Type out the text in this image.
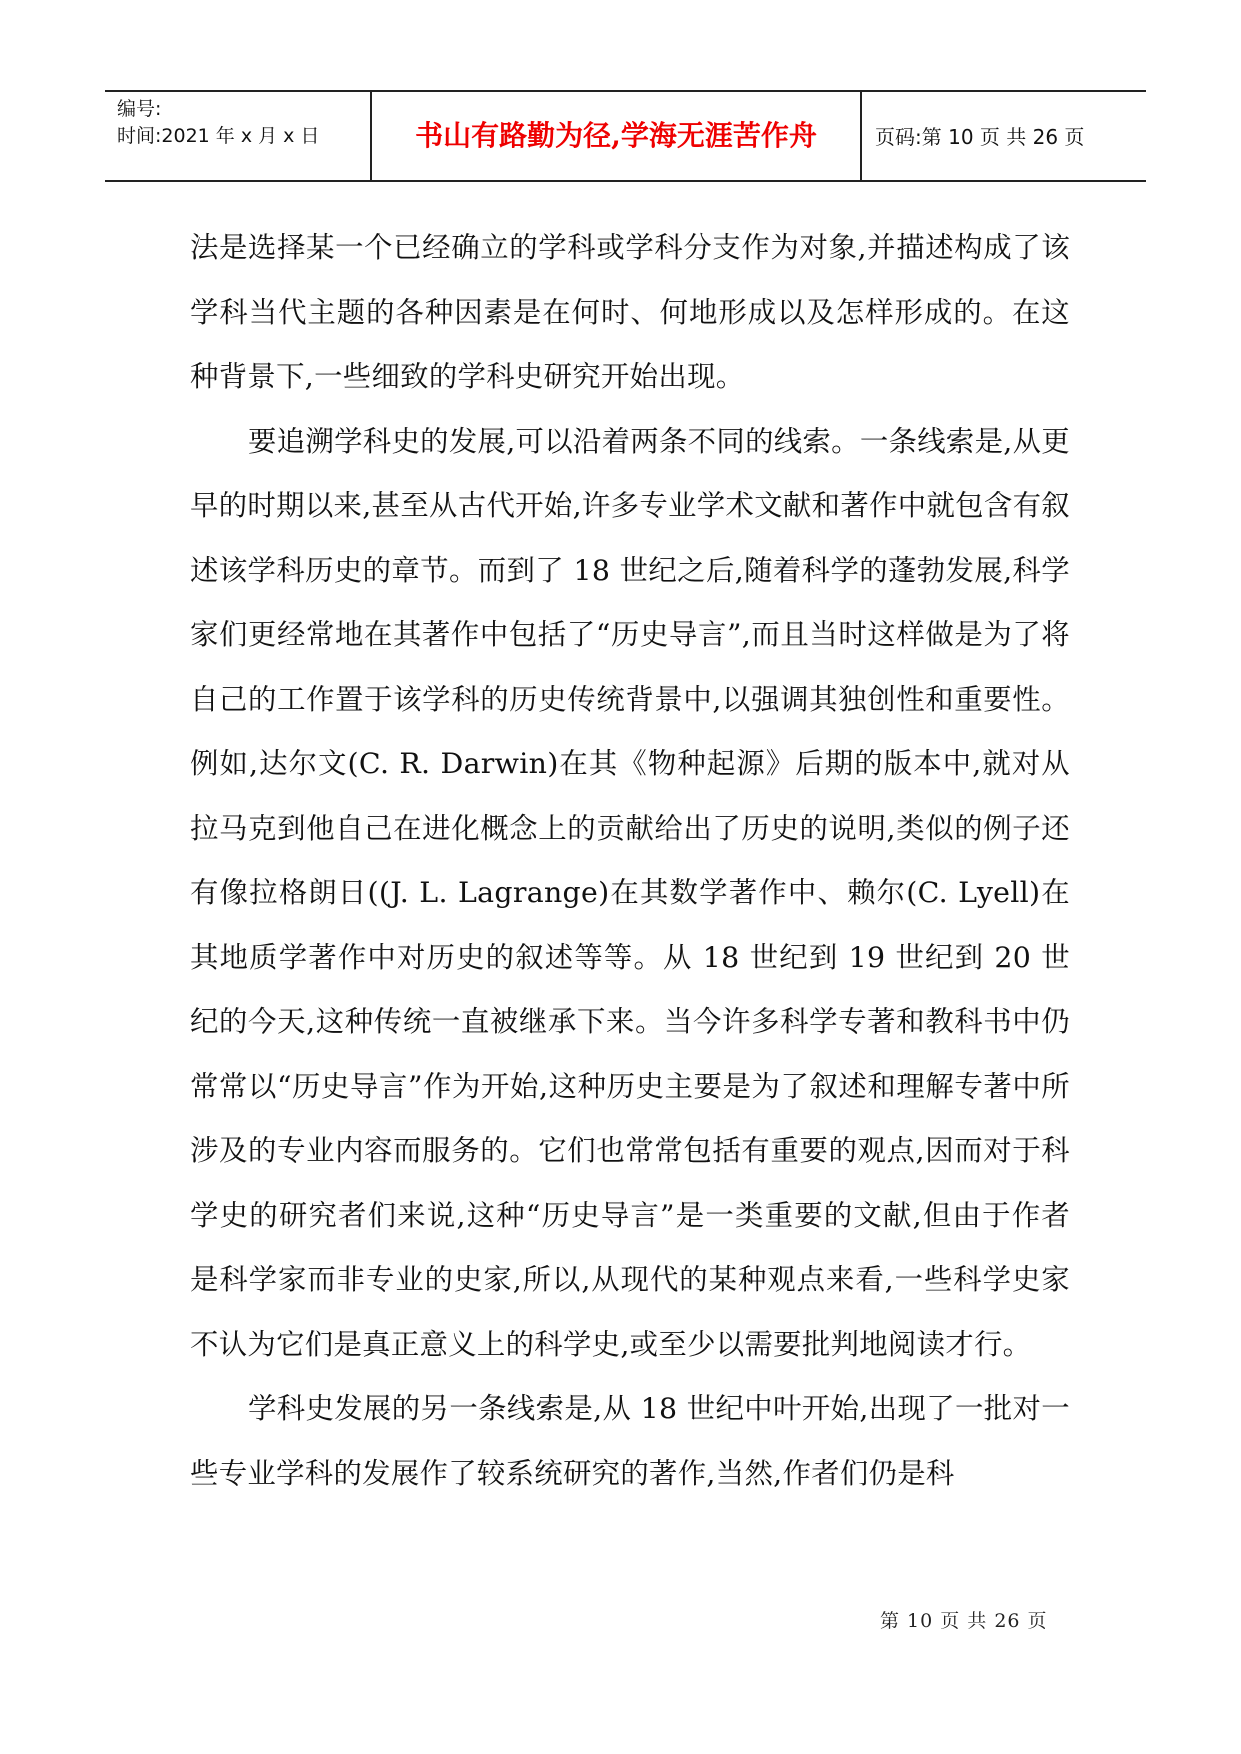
编号:
时间:2021 年 x 月 x 日	书山有路勤为径,学海无涯苦作舟	页码:第 10 页 共 26 页

法是选择某一个已经确立的学科或学科分支作为对象,并描述构成了该学科当代主题的各种因素是在何时、何地形成以及怎样形成的。在这种背景下,一些细致的学科史研究开始出现。

要追溯学科史的发展,可以沿着两条不同的线索。一条线索是,从更早的时期以来,甚至从古代开始,许多专业学术文献和著作中就包含有叙述该学科历史的章节。而到了 18 世纪之后,随着科学的蓬勃发展,科学家们更经常地在其著作中包括了“历史导言”,而且当时这样做是为了将自己的工作置于该学科的历史传统背景中,以强调其独创性和重要性。例如,达尔文(C. R. Darwin)在其《物种起源》后期的版本中,就对从拉马克到他自己在进化概念上的贡献给出了历史的说明,类似的例子还有像拉格朗日((J. L. Lagrange)在其数学著作中、赖尔(C. Lyell)在其地质学著作中对历史的叙述等等。从 18 世纪到 19 世纪到 20 世纪的今天,这种传统一直被继承下来。当今许多科学专著和教科书中仍常常以“历史导言”作为开始,这种历史主要是为了叙述和理解专著中所涉及的专业内容而服务的。它们也常常包括有重要的观点,因而对于科学史的研究者们来说,这种“历史导言”是一类重要的文献,但由于作者是科学家而非专业的史家,所以,从现代的某种观点来看,一些科学史家不认为它们是真正意义上的科学史,或至少以需要批判地阅读才行。

学科史发展的另一条线索是,从 18 世纪中叶开始,出现了一批对一些专业学科的发展作了较系统研究的著作,当然,作者们仍是科

第 10 页 共 26 页
